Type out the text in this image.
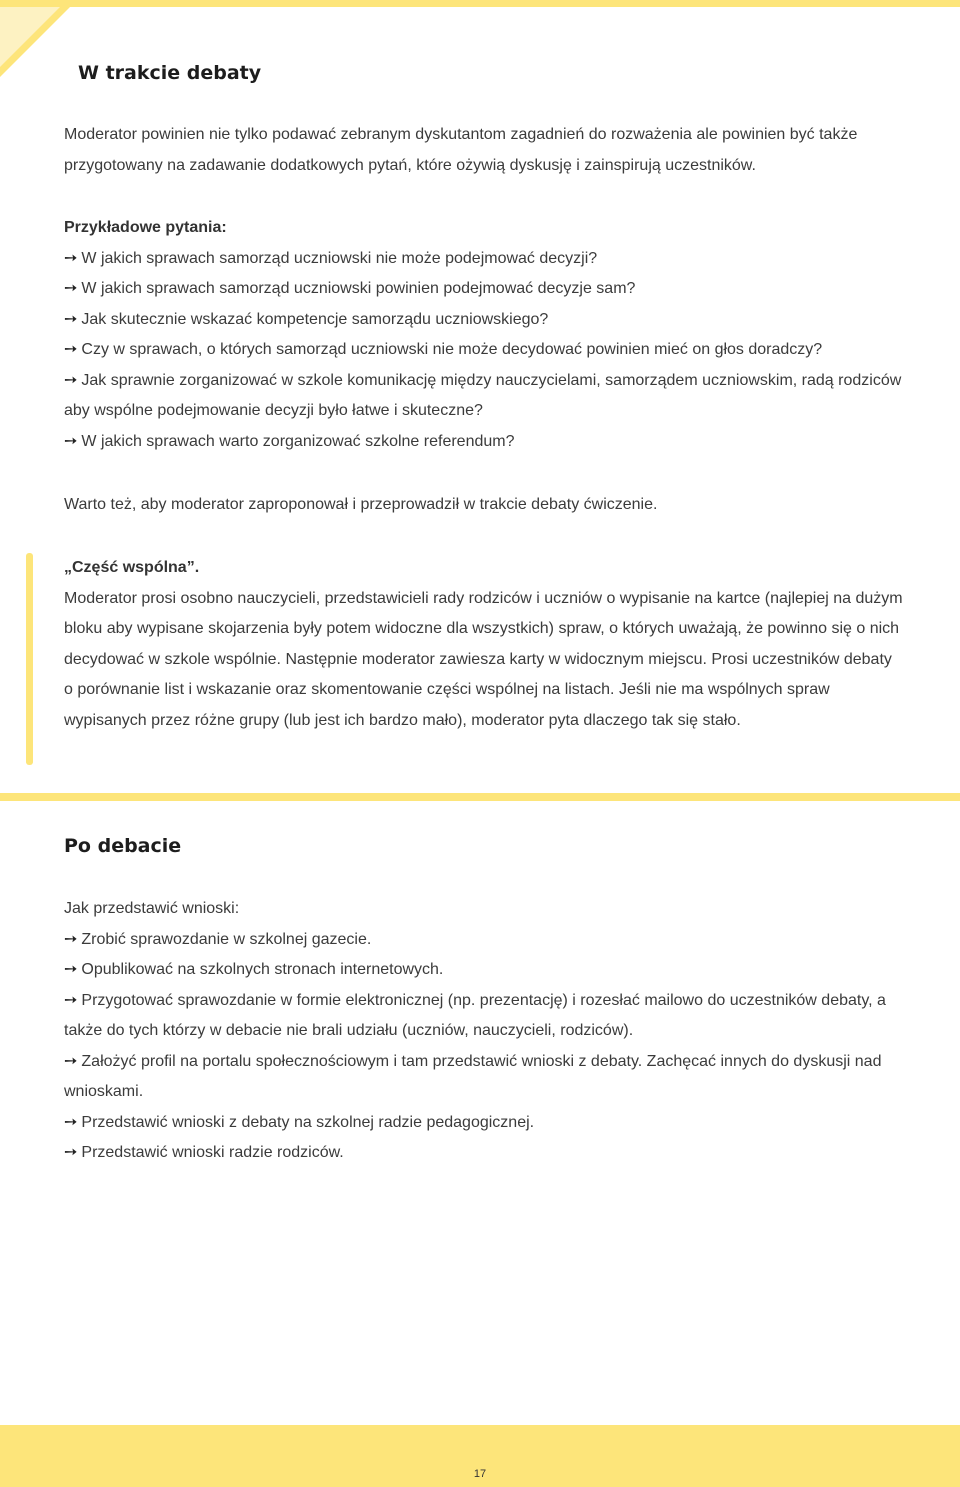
W trakcie debaty

Moderator powinien nie tylko podawać zebranym dyskutantom zagadnień do rozważenia ale powinien być także przygotowany na zadawanie dodatkowych pytań, które ożywią dyskusję i zainspirują uczestników.

Przykładowe pytania:
➙ W jakich sprawach samorząd uczniowski nie może podejmować decyzji?
➙ W jakich sprawach samorząd uczniowski powinien podejmować decyzje sam?
➙ Jak skutecznie wskazać kompetencje samorządu uczniowskiego?
➙ Czy w sprawach, o których samorząd uczniowski nie może decydować powinien mieć on głos doradczy?
➙ Jak sprawnie zorganizować w szkole komunikację między nauczycielami, samorządem uczniowskim, radą rodziców aby wspólne podejmowanie decyzji było łatwe i skuteczne?
➙ W jakich sprawach warto zorganizować szkolne referendum?

Warto też, aby moderator zaproponował i przeprowadził w trakcie debaty ćwiczenie.

„Część wspólna”.
Moderator prosi osobno nauczycieli, przedstawicieli rady rodziców i uczniów o wypisanie na kartce (najlepiej na dużym bloku aby wypisane skojarzenia były potem widoczne dla wszystkich) spraw, o których uważają, że powinno się o nich decydować w szkole wspólnie. Następnie moderator zawiesza karty w widocznym miejscu. Prosi uczestników debaty o porównanie list i wskazanie oraz skomentowanie części wspólnej na listach. Jeśli nie ma wspólnych spraw wypisanych przez różne grupy (lub jest ich bardzo mało), moderator pyta dlaczego tak się stało.
Po debacie
Jak przedstawić wnioski:
➙ Zrobić sprawozdanie w szkolnej gazecie.
➙ Opublikować na szkolnych stronach internetowych.
➙ Przygotować sprawozdanie w formie elektronicznej (np. prezentację) i rozesłać mailowo do uczestników debaty, a także do tych którzy w debacie nie brali udziału (uczniów, nauczycieli, rodziców).
➙ Założyć profil na portalu społecznościowym i tam przedstawić wnioski z debaty. Zachęcać innych do dyskusji nad wnioskami.
➙ Przedstawić wnioski z debaty na szkolnej radzie pedagogicznej.
➙ Przedstawić wnioski radzie rodziców.
17
